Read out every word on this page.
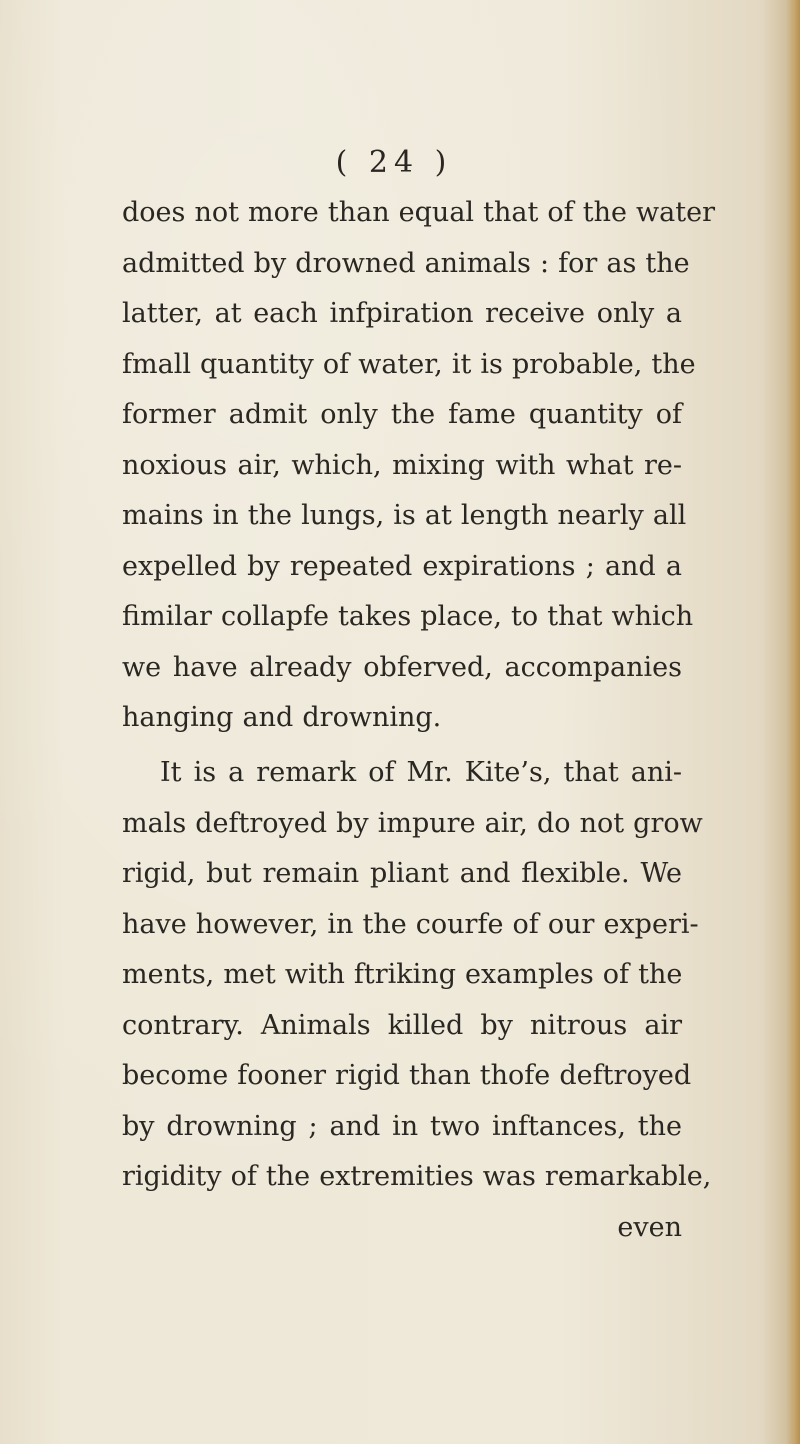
( 24 )
does not more than equal that of the water
admitted by drowned animals : for as the
latter, at each infpiration receive only a
fmall quantity of water, it is probable, the
former admit only the fame quantity of
noxious air, which, mixing with what re-
mains in the lungs, is at length nearly all
expelled by repeated expirations ; and a
fimilar collapfe takes place, to that which
we have already obferved, accompanies
hanging and drowning.
It is a remark of Mr. Kite’s, that ani-
mals deftroyed by impure air, do not grow
rigid, but remain pliant and flexible. We
have however, in the courfe of our experi-
ments, met with ftriking examples of the
contrary. Animals killed by nitrous air
become fooner rigid than thofe deftroyed
by drowning ; and in two inftances, the
rigidity of the extremities was remarkable,
even
